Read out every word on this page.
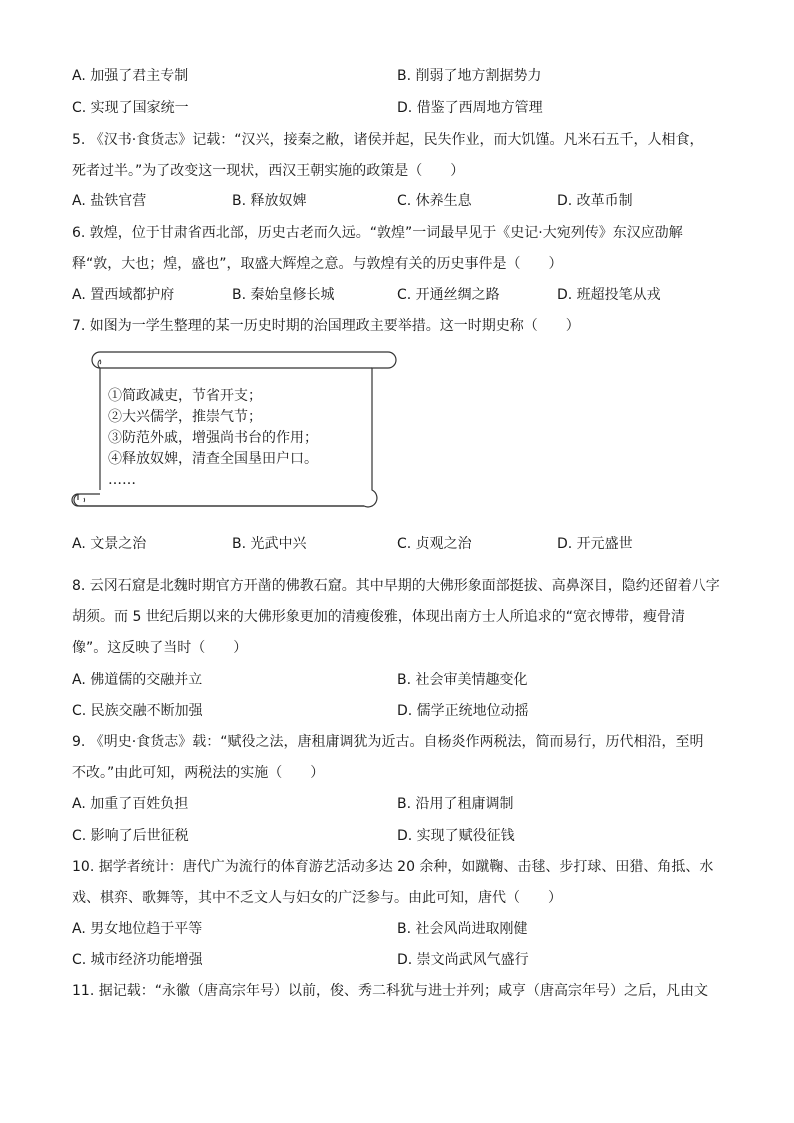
A. 加强了君主专制	B. 削弱了地方割据势力
C. 实现了国家统一	D. 借鉴了西周地方管理
5. 《汉书·食货志》记载：“汉兴，接秦之敝，诸侯并起，民失作业，而大饥馑。凡米石五千，人相食，
死者过半。”为了改变这一现状，西汉王朝实施的政策是（　　）
A. 盐铁官营	B. 释放奴婢	C. 休养生息	D. 改革币制
6. 敦煌，位于甘肃省西北部，历史古老而久远。“敦煌”一词最早见于《史记·大宛列传》东汉应劭解
释“敦，大也；煌，盛也”，取盛大辉煌之意。与敦煌有关的历史事件是（　　）
A. 置西域都护府	B. 秦始皇修长城	C. 开通丝绸之路	D. 班超投笔从戎
7. 如图为一学生整理的某一历史时期的治国理政主要举措。这一时期史称（　　）
①简政减吏，节省开支；
②大兴儒学，推崇气节；
③防范外戚，增强尚书台的作用；
④释放奴婢，清查全国垦田户口。
……
A. 文景之治	B. 光武中兴	C. 贞观之治	D. 开元盛世
8. 云冈石窟是北魏时期官方开凿的佛教石窟。其中早期的大佛形象面部挺拔、高鼻深目，隐约还留着八字
胡须。而 5 世纪后期以来的大佛形象更加的清瘦俊雅，体现出南方士人所追求的“宽衣博带，瘦骨清
像”。这反映了当时（　　）
A. 佛道儒的交融并立	B. 社会审美情趣变化
C. 民族交融不断加强	D. 儒学正统地位动摇
9. 《明史·食货志》载：“赋役之法，唐租庸调犹为近古。自杨炎作两税法，简而易行，历代相沿，至明
不改。”由此可知，两税法的实施（　　）
A. 加重了百姓负担	B. 沿用了租庸调制
C. 影响了后世征税	D. 实现了赋役征钱
10. 据学者统计：唐代广为流行的体育游艺活动多达 20 余种，如蹴鞠、击毬、步打球、田猎、角抵、水
戏、棋弈、歌舞等，其中不乏文人与妇女的广泛参与。由此可知，唐代（　　）
A. 男女地位趋于平等	B. 社会风尚进取刚健
C. 城市经济功能增强	D. 崇文尚武风气盛行
11. 据记载：“永徽（唐高宗年号）以前，俊、秀二科犹与进士并列；咸亨（唐高宗年号）之后，凡由文
